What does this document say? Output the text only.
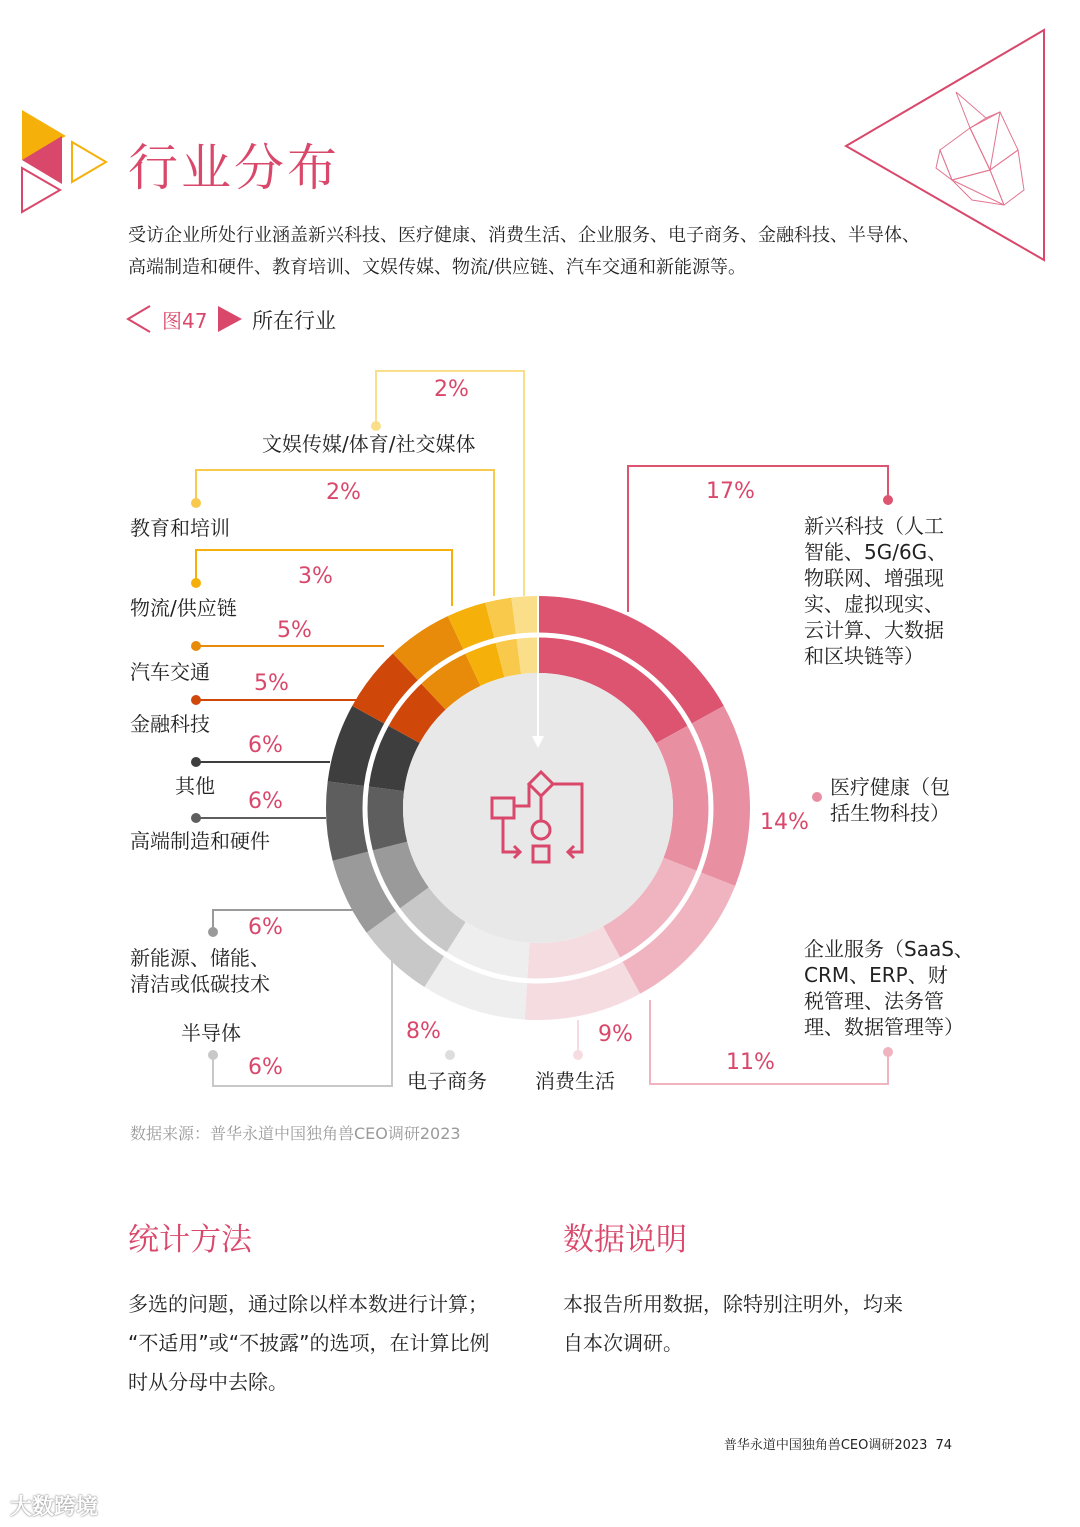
行业分布
受访企业所处行业涵盖新兴科技、医疗健康、消费生活、企业服务、电子商务、金融科技、半导体、
高端制造和硬件、教育培训、文娱传媒、物流/供应链、汽车交通和新能源等。
图47 所在行业
17%
新兴科技（人工
智能、5G/6G、
物联网、增强现
实、虚拟现实、
云计算、大数据
和区块链等）
14%
医疗健康（包
括生物科技）
11%
企业服务（SaaS、
CRM、ERP、财
税管理、法务管
理、数据管理等）
9%
消费生活
8%
电子商务
6%
半导体
6%
新能源、储能、
清洁或低碳技术
6%
高端制造和硬件
6%
其他
5%
金融科技
5%
汽车交通
3%
物流/供应链
2%
教育和培训
2%
文娱传媒/体育/社交媒体
数据来源：普华永道中国独角兽CEO调研2023
统计方法
多选的问题，通过除以样本数进行计算；
“不适用”或“不披露”的选项，在计算比例
时从分母中去除。
数据说明
本报告所用数据，除特别注明外，均来
自本次调研。
普华永道中国独角兽CEO调研2023 74
大数跨境
